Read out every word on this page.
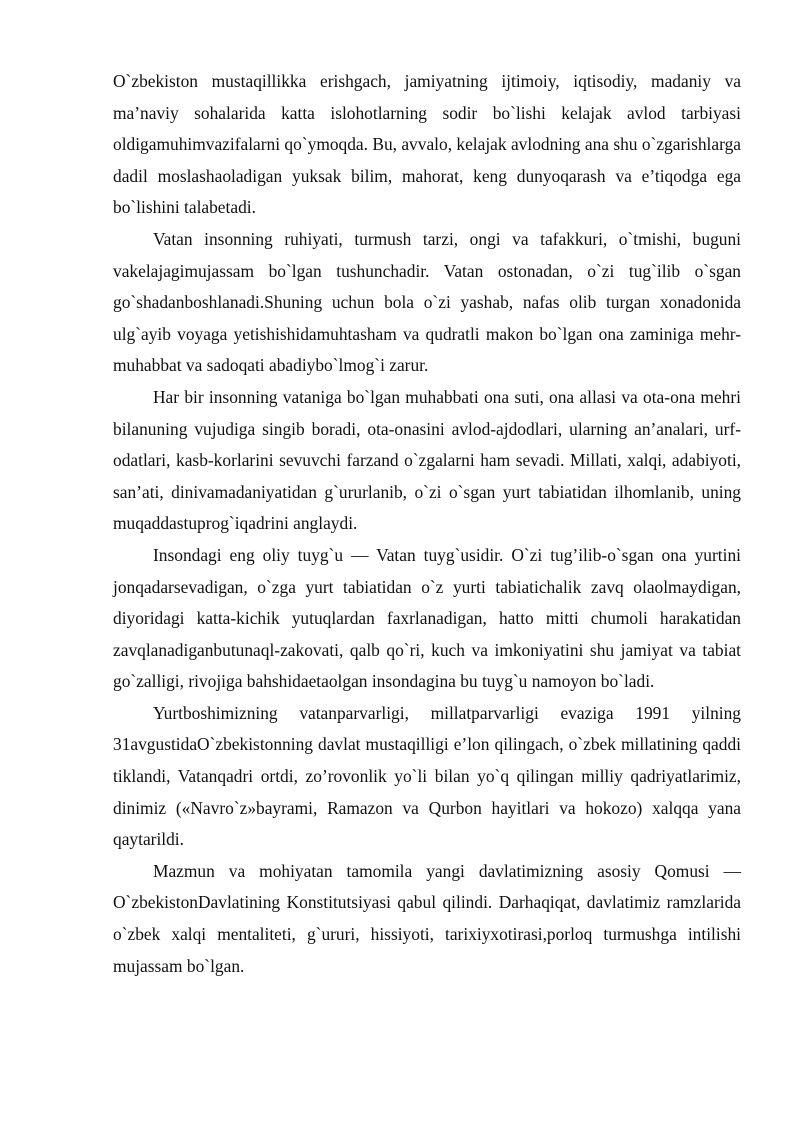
O`zbekiston mustaqillikka erishgach, jamiyatning ijtimoiy, iqtisodiy, madaniy va ma’naviy sohalarida katta islohotlarning sodir bo`lishi kelajak avlod tarbiyasi oldigamuhimvazifalarni qo`ymoqda. Bu, avvalo, kelajak avlodning ana shu o`zgarishlarga dadil moslashaoladigan yuksak bilim, mahorat, keng dunyoqarash va e’tiqodga ega bo`lishini talabetadi.

Vatan insonning ruhiyati, turmush tarzi, ongi va tafakkuri, o`tmishi, buguni vakelajagimujassam bo`lgan tushunchadir. Vatan ostonadan, o`zi tug`ilib o`sgan go`shadanboshlanadi.Shuning uchun bola o`zi yashab, nafas olib turgan xonadonida ulg`ayib voyaga yetishishidamuhtasham va qudratli makon bo`lgan ona zaminiga mehr-muhabbat va sadoqati abadiybo`lmog`i zarur.

Har bir insonning vataniga bo`lgan muhabbati ona suti, ona allasi va ota-ona mehri bilanuning vujudiga singib boradi, ota-onasini avlod-ajdodlari, ularning an’analari, urf-odatlari, kasb-korlarini sevuvchi farzand o`zgalarni ham sevadi. Millati, xalqi, adabiyoti, san’ati, dinivamadaniyatidan g`ururlanib, o`zi o`sgan yurt tabiatidan ilhomlanib, uning muqaddastuprog`iqadrini anglaydi.

Insondagi eng oliy tuyg`u — Vatan tuyg`usidir. O`zi tug’ilib-o`sgan ona yurtini jonqadarsevadigan, o`zga yurt tabiatidan o`z yurti tabiatichalik zavq olaolmaydigan, diyoridagi katta-kichik yutuqlardan faxrlanadigan, hatto mitti chumoli harakatidan zavqlanadiganbutunaql-zakovati, qalb qo`ri, kuch va imkoniyatini shu jamiyat va tabiat go`zalligi, rivojiga bahshidaetaolgan insondagina bu tuyg`u namoyon bo`ladi.

Yurtboshimizning vatanparvarligi, millatparvarligi evaziga 1991 yilning 31avgustidaO`zbekistonning davlat mustaqilligi e’lon qilingach, o`zbek millatining qaddi tiklandi, Vatanqadri ortdi, zo’rovonlik yo`li bilan yo`q qilingan milliy qadriyatlarimiz, dinimiz («Navro`z»bayrami, Ramazon va Qurbon hayitlari va hokozo) xalqqa yana qaytarildi.

Mazmun va mohiyatan tamomila yangi davlatimizning asosiy Qomusi — O`zbekistonDavlatining Konstitutsiyasi qabul qilindi. Darhaqiqat, davlatimiz ramzlarida o`zbek xalqi mentaliteti, g`ururi, hissiyoti, tarixiyxotirasi,porloq turmushga intilishi mujassam bo`lgan.
